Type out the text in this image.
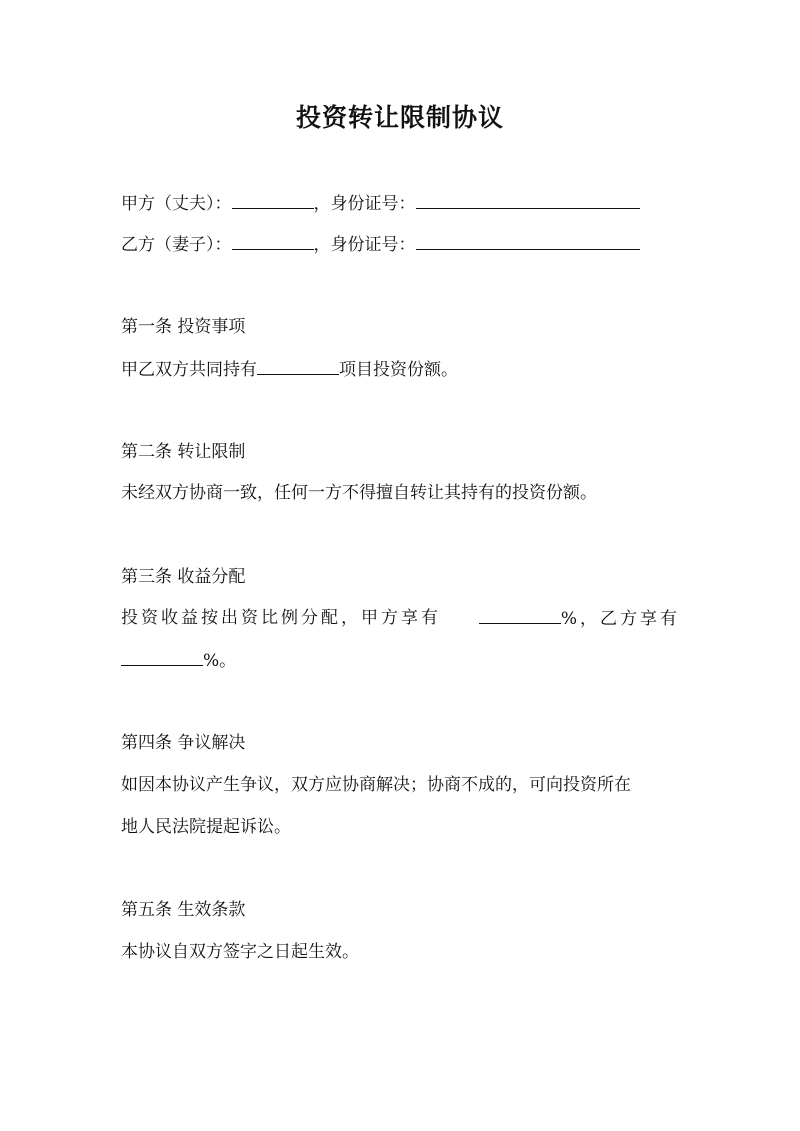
投资转让限制协议
甲方（丈夫）：	，身份证号：
乙方（妻子）：	，身份证号：
第一条 投资事项
甲乙双方共同持有	项目投资份额。
第二条 转让限制
未经双方协商一致，任何一方不得擅自转让其持有的投资份额。
第三条 收益分配
投资收益按出资比例分配，甲方享有	%，乙方享有
%。
第四条 争议解决
如因本协议产生争议，双方应协商解决；协商不成的，可向投资所在
地人民法院提起诉讼。
第五条 生效条款
本协议自双方签字之日起生效。
